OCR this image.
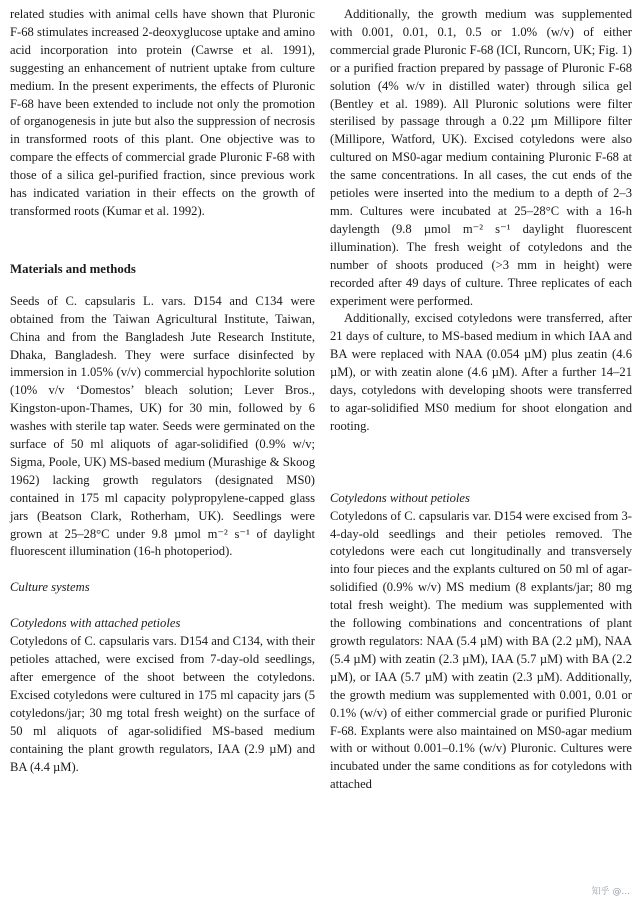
related studies with animal cells have shown that Pluronic F-68 stimulates increased 2-deoxyglucose uptake and amino acid incorporation into protein (Cawrse et al. 1991), suggesting an enhancement of nutrient uptake from culture medium. In the present experiments, the effects of Pluronic F-68 have been extended to include not only the promotion of organogenesis in jute but also the suppression of necrosis in transformed roots of this plant. One objective was to compare the effects of commercial grade Pluronic F-68 with those of a silica gel-purified fraction, since previous work has indicated variation in their effects on the growth of transformed roots (Kumar et al. 1992).

Materials and methods

Seeds of C. capsularis L. vars. D154 and C134 were obtained from the Taiwan Agricultural Institute, Taiwan, China and from the Bangladesh Jute Research Institute, Dhaka, Bangladesh. They were surface disinfected by immersion in 1.05% (v/v) commercial hypochlorite solution (10% v/v ‘Domestos’ bleach solution; Lever Bros., Kingston-upon-Thames, UK) for 30 min, followed by 6 washes with sterile tap water. Seeds were germinated on the surface of 50 ml aliquots of agar-solidified (0.9% w/v; Sigma, Poole, UK) MS-based medium (Murashige & Skoog 1962) lacking growth regulators (designated MS0) contained in 175 ml capacity polypropylene-capped glass jars (Beatson Clark, Rotherham, UK). Seedlings were grown at 25–28°C under 9.8 µmol m⁻² s⁻¹ of daylight fluorescent illumination (16-h photoperiod).

Culture systems
Cotyledons with attached petioles

Cotyledons of C. capsularis vars. D154 and C134, with their petioles attached, were excised from 7-day-old seedlings, after emergence of the shoot between the cotyledons. Excised cotyledons were cultured in 175 ml capacity jars (5 cotyledons/jar; 30 mg total fresh weight) on the surface of 50 ml aliquots of agar-solidified MS-based medium containing the plant growth regulators, IAA (2.9 µM) and BA (4.4 µM).

Additionally, the growth medium was supplemented with 0.001, 0.01, 0.1, 0.5 or 1.0% (w/v) of either commercial grade Pluronic F-68 (ICI, Runcorn, UK; Fig. 1) or a purified fraction prepared by passage of Pluronic F-68 solution (4% w/v in distilled water) through silica gel (Bentley et al. 1989). All Pluronic solutions were filter sterilised by passage through a 0.22 µm Millipore filter (Millipore, Watford, UK). Excised cotyledons were also cultured on MS0-agar medium containing Pluronic F-68 at the same concentrations. In all cases, the cut ends of the petioles were inserted into the medium to a depth of 2–3 mm. Cultures were incubated at 25–28°C with a 16-h daylength (9.8 µmol m⁻² s⁻¹ daylight fluorescent illumination). The fresh weight of cotyledons and the number of shoots produced (>3 mm in height) were recorded after 49 days of culture. Three replicates of each experiment were performed.

Additionally, excised cotyledons were transferred, after 21 days of culture, to MS-based medium in which IAA and BA were replaced with NAA (0.054 µM) plus zeatin (4.6 µM), or with zeatin alone (4.6 µM). After a further 14–21 days, cotyledons with developing shoots were transferred to agar-solidified MS0 medium for shoot elongation and rooting.

Cotyledons without petioles

Cotyledons of C. capsularis var. D154 were excised from 3-4-day-old seedlings and their petioles removed. The cotyledons were each cut longitudinally and transversely into four pieces and the explants cultured on 50 ml of agar-solidified (0.9% w/v) MS medium (8 explants/jar; 80 mg total fresh weight). The medium was supplemented with the following combinations and concentrations of plant growth regulators: NAA (5.4 µM) with BA (2.2 µM), NAA (5.4 µM) with zeatin (2.3 µM), IAA (5.7 µM) with BA (2.2 µM), or IAA (5.7 µM) with zeatin (2.3 µM). Additionally, the growth medium was supplemented with 0.001, 0.01 or 0.1% (w/v) of either commercial grade or purified Pluronic F-68. Explants were also maintained on MS0-agar medium with or without 0.001–0.1% (w/v) Pluronic. Cultures were incubated under the same conditions as for cotyledons with attached

知乎 @...
